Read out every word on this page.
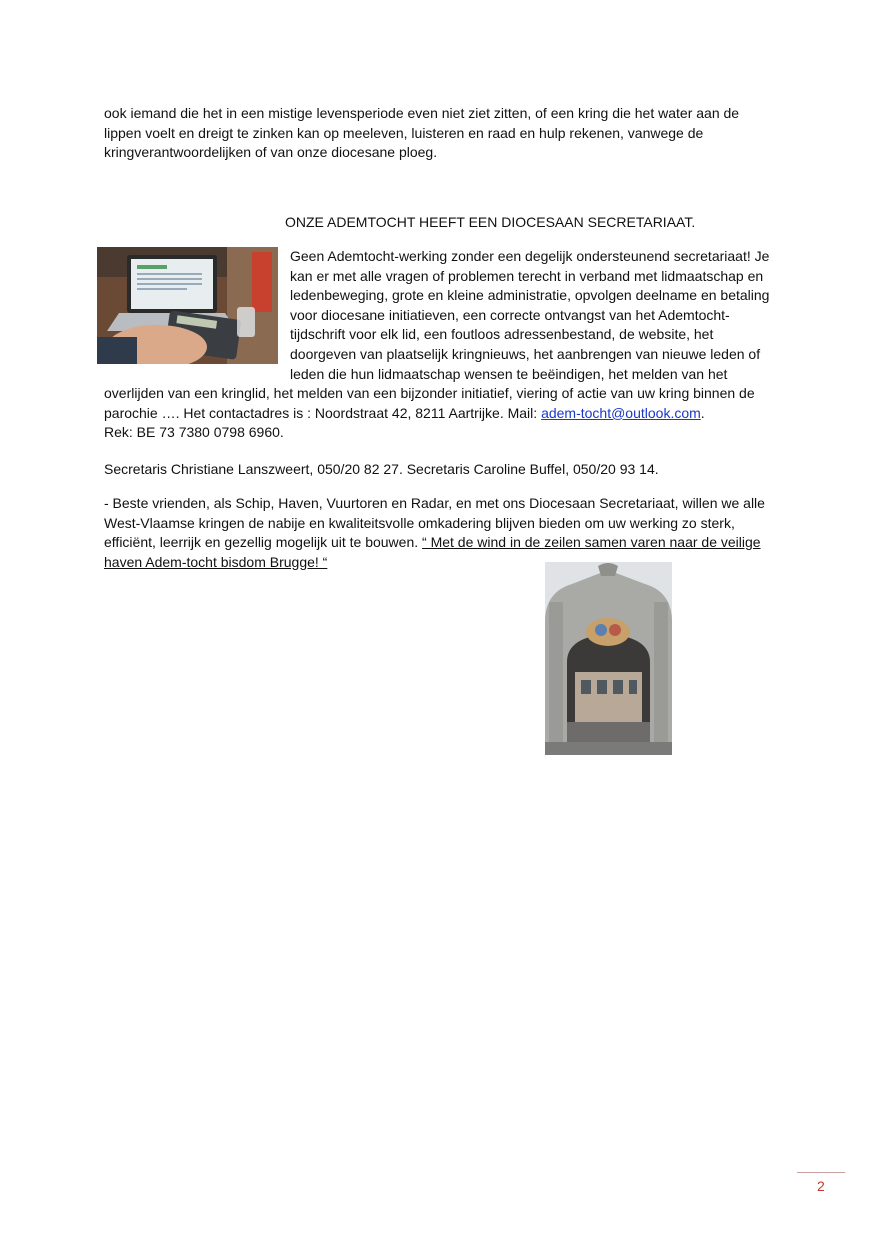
ook iemand die het in een mistige levensperiode even niet ziet zitten, of een kring die het water aan de lippen voelt en dreigt te zinken kan op meeleven, luisteren en raad en hulp rekenen, vanwege de kringverantwoordelijken of van onze diocesane ploeg.

ONZE ADEMTOCHT HEEFT EEN DIOCESAAN SECRETARIAAT.

Geen Ademtocht-werking zonder een degelijk ondersteunend secretariaat! Je kan er met alle vragen of problemen terecht in verband met lidmaatschap en ledenbeweging, grote en kleine administratie, opvolgen deelname en betaling voor diocesane initiatieven, een correcte ontvangst van het Ademtocht- tijdschrift voor elk lid, een foutloos adressenbestand, de website, het doorgeven van plaatselijk kringnieuws, het aanbrengen van nieuwe leden of leden die hun lidmaatschap wensen te beëindigen, het melden van het overlijden van een kringlid, het melden van een bijzonder initiatief, viering of actie van uw kring binnen de parochie …. Het contactadres is : Noordstraat 42, 8211 Aartrijke. Mail: adem-tocht@outlook.com.
Rek: BE 73 7380 0798 6960.

Secretaris Christiane Lanszweert, 050/20 82 27. Secretaris Caroline Buffel, 050/20 93 14.

- Beste vrienden, als Schip, Haven, Vuurtoren en Radar, en met ons Diocesaan Secretariaat, willen we alle West-Vlaamse kringen de nabije en kwaliteitsvolle omkadering blijven bieden om uw werking zo sterk, efficiënt, leerrijk en gezellig mogelijk uit te bouwen. “ Met de wind in de zeilen samen varen naar de veilige haven Adem-tocht bisdom Brugge! “

2
